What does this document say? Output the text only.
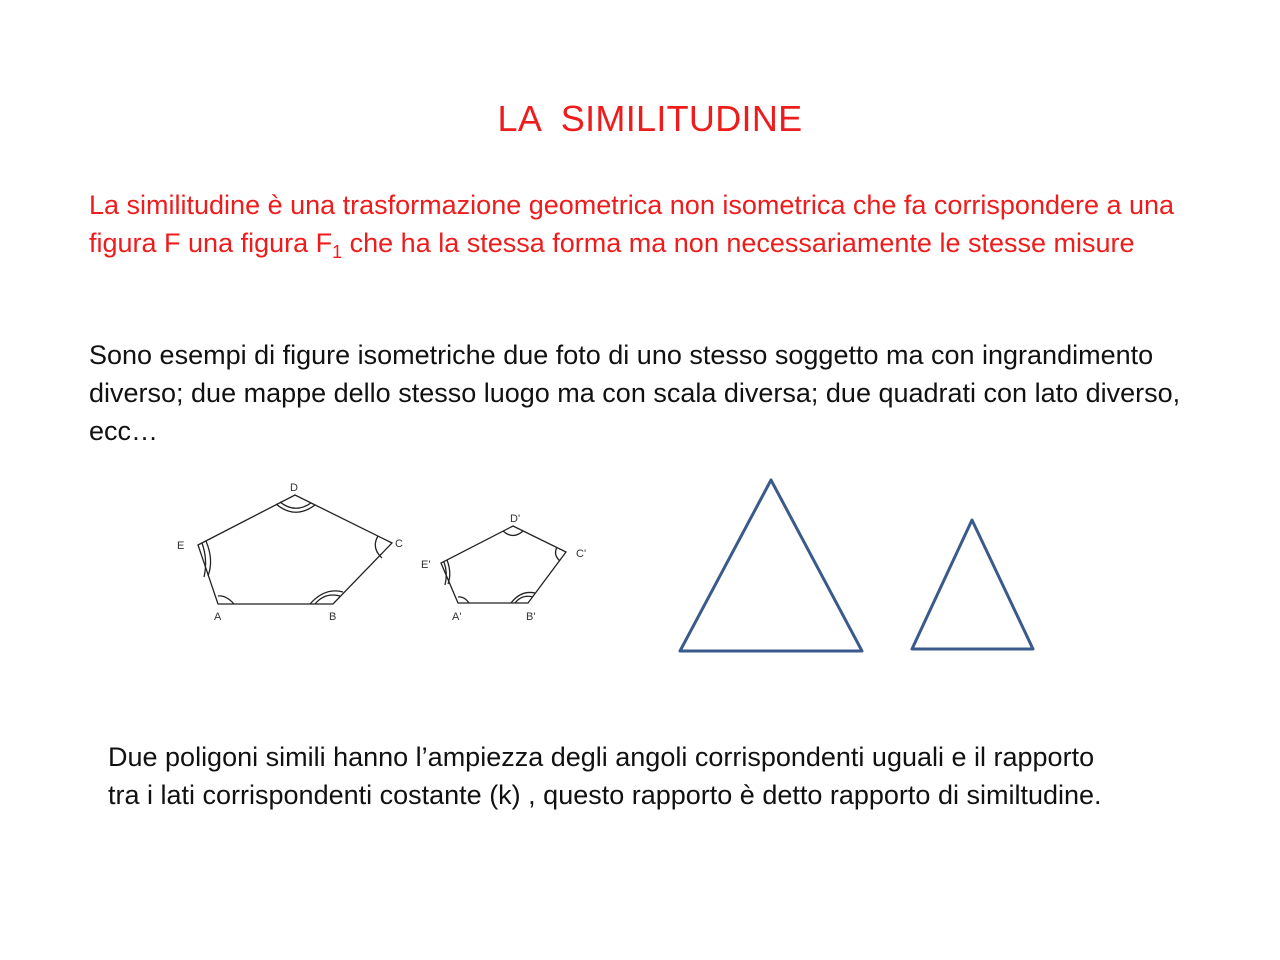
LA  SIMILITUDINE

La similitudine è una trasformazione geometrica non isometrica che fa corrispondere a una figura F una figura $F_1$ che ha la stessa forma ma non necessariamente le stesse misure

Sono esempi di figure isometriche due foto di uno stesso soggetto ma con ingrandimento diverso; due mappe dello stesso luogo ma con scala diversa; due quadrati con lato diverso, ecc…

D
E	C
A	B
D'
E'
C'
A'	B'

Due poligoni simili hanno l’ampiezza degli angoli corrispondenti uguali e il rapporto tra i lati corrispondenti costante (k) , questo rapporto è detto rapporto di similtudine.
